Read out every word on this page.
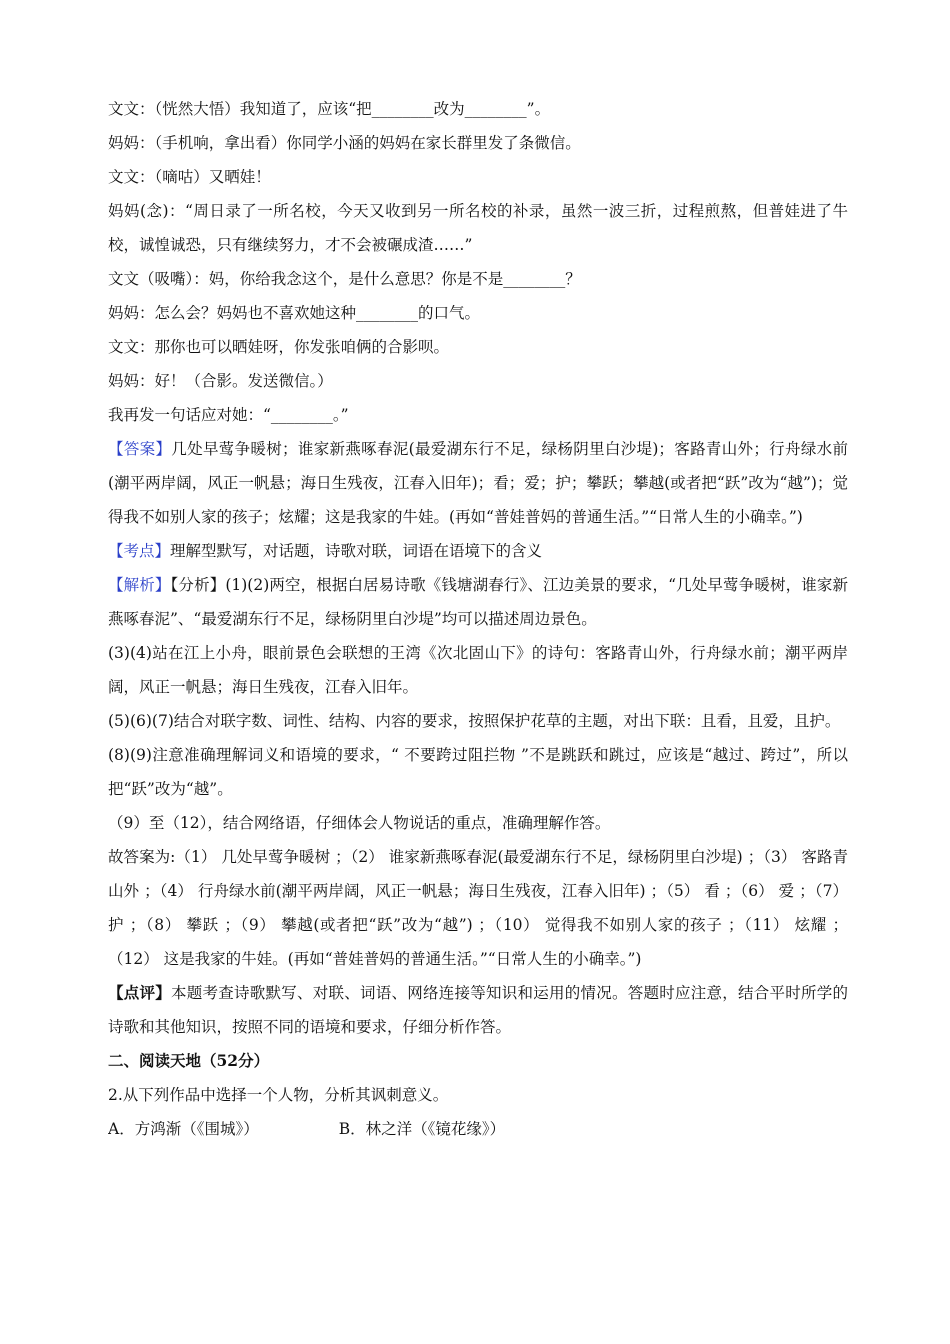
文文：（恍然大悟）我知道了，应该“把________改为________”。
妈妈：（手机响，拿出看）你同学小涵的妈妈在家长群里发了条微信。
文文：（嘀咕）又晒娃！
妈妈(念)：“周日录了一所名校，今天又收到另一所名校的补录，虽然一波三折，过程煎熬，但普娃进了牛校，诚惶诚恐，只有继续努力，才不会被碾成渣……”
文文（吸嘴）：妈，你给我念这个，是什么意思？你是不是________？
妈妈：怎么会？妈妈也不喜欢她这种________的口气。
文文：那你也可以晒娃呀，你发张咱俩的合影呗。
妈妈：好！（合影。发送微信。）
我再发一句话应对她：“________。”
【答案】几处早莺争暖树；谁家新燕啄春泥(最爱湖东行不足，绿杨阴里白沙堤)；客路青山外；行舟绿水前(潮平两岸阔，风正一帆悬；海日生残夜，江春入旧年)；看；爱；护；攀跃；攀越(或者把“跃”改为“越”)；觉得我不如别人家的孩子；炫耀；这是我家的牛娃。(再如“普娃普妈的普通生活。”“日常人生的小确幸。”)
【考点】理解型默写，对话题，诗歌对联，词语在语境下的含义
【解析】【分析】(1)(2)两空，根据白居易诗歌《钱塘湖春行》、江边美景的要求，“几处早莺争暖树，谁家新燕啄春泥”、“最爱湖东行不足，绿杨阴里白沙堤”均可以描述周边景色。
(3)(4)站在江上小舟，眼前景色会联想的王湾《次北固山下》的诗句：客路青山外，行舟绿水前；潮平两岸阔，风正一帆悬；海日生残夜，江春入旧年。
(5)(6)(7)结合对联字数、词性、结构、内容的要求，按照保护花草的主题，对出下联：且看，且爱，且护。
(8)(9)注意准确理解词义和语境的要求，“ 不要跨过阻拦物 ”不是跳跃和跳过，应该是“越过、跨过”，所以把“跃”改为“越”。
（9）至（12），结合网络语，仔细体会人物说话的重点，准确理解作答。
故答案为:（1） 几处早莺争暖树 ；（2） 谁家新燕啄春泥(最爱湖东行不足，绿杨阴里白沙堤) ；（3） 客路青山外 ；（4） 行舟绿水前(潮平两岸阔，风正一帆悬；海日生残夜，江春入旧年) ；（5） 看 ；（6） 爱 ；（7） 护 ；（8） 攀跃 ；（9） 攀越(或者把“跃”改为“越”) ；（10） 觉得我不如别人家的孩子 ；（11） 炫耀 ；（12） 这是我家的牛娃。(再如“普娃普妈的普通生活。”“日常人生的小确幸。”)
【点评】本题考查诗歌默写、对联、词语、网络连接等知识和运用的情况。答题时应注意，结合平时所学的诗歌和其他知识，按照不同的语境和要求，仔细分析作答。
二、阅读天地（52分）
2.从下列作品中选择一个人物，分析其讽刺意义。
A．方鸿渐（《围城》）	B．林之洋（《镜花缘》）
